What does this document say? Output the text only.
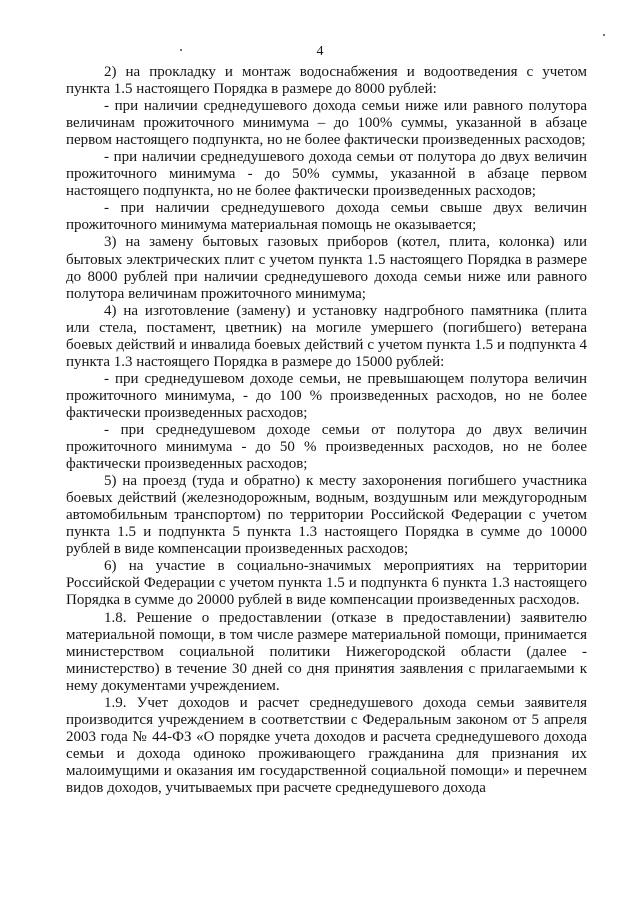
4

2) на прокладку и монтаж водоснабжения и водоотведения с учетом пункта 1.5 настоящего Порядка в размере до 8000 рублей:

- при наличии среднедушевого дохода семьи ниже или равного полутора величинам прожиточного минимума – до 100% суммы, указанной в абзаце первом настоящего подпункта, но не более фактически произведенных расходов;

- при наличии среднедушевого дохода семьи от полутора до двух величин прожиточного минимума - до 50% суммы, указанной в абзаце первом настоящего подпункта, но не более фактически произведенных расходов;

- при наличии среднедушевого дохода семьи свыше двух величин прожиточного минимума материальная помощь не оказывается;

3) на замену бытовых газовых приборов (котел, плита, колонка) или бытовых электрических плит с учетом пункта 1.5 настоящего Порядка в размере до 8000 рублей при наличии среднедушевого дохода семьи ниже или равного полутора величинам прожиточного минимума;

4) на изготовление (замену) и установку надгробного памятника (плита или стела, постамент, цветник) на могиле умершего (погибшего) ветерана боевых действий и инвалида боевых действий с учетом пункта 1.5 и подпункта 4 пункта 1.3 настоящего Порядка в размере до 15000 рублей:

- при среднедушевом доходе семьи, не превышающем полутора величин прожиточного минимума, - до 100 % произведенных расходов, но не более фактически произведенных расходов;

- при среднедушевом доходе семьи от полутора до двух величин прожиточного минимума - до 50 % произведенных расходов, но не более фактически произведенных расходов;

5) на проезд (туда и обратно) к месту захоронения погибшего участника боевых действий (железнодорожным, водным, воздушным или междугородным автомобильным транспортом) по территории Российской Федерации с учетом пункта 1.5 и подпункта 5 пункта 1.3 настоящего Порядка в сумме до 10000 рублей в виде компенсации произведенных расходов;

6) на участие в социально-значимых мероприятиях на территории Российской Федерации с учетом пункта 1.5 и подпункта 6 пункта 1.3 настоящего Порядка в сумме до 20000 рублей в виде компенсации произведенных расходов.

1.8. Решение о предоставлении (отказе в предоставлении) заявителю материальной помощи, в том числе размере материальной помощи, принимается министерством социальной политики Нижегородской области (далее - министерство) в течение 30 дней со дня принятия заявления с прилагаемыми к нему документами учреждением.

1.9. Учет доходов и расчет среднедушевого дохода семьи заявителя производится учреждением в соответствии с Федеральным законом от 5 апреля 2003 года № 44-ФЗ «О порядке учета доходов и расчета среднедушевого дохода семьи и дохода одиноко проживающего гражданина для признания их малоимущими и оказания им государственной социальной помощи» и перечнем видов доходов, учитываемых при расчете среднедушевого дохода
